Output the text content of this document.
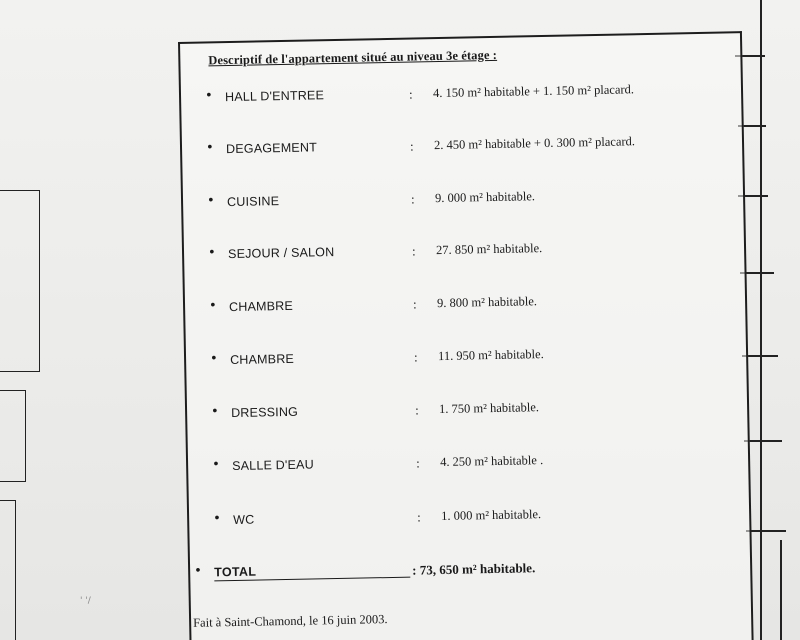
Descriptif de l'appartement situé au niveau 3e étage :
• HALL D'ENTREE	: 4. 150 m² habitable + 1. 150 m² placard.
• DEGAGEMENT	: 2. 450 m² habitable + 0. 300 m² placard.
• CUISINE	: 9. 000 m² habitable.
• SEJOUR / SALON	: 27. 850 m² habitable.
• CHAMBRE	: 9. 800 m² habitable.
• CHAMBRE	: 11. 950 m² habitable.
• DRESSING	: 1. 750 m² habitable.
• SALLE D'EAU	: 4. 250 m² habitable .
• WC	: 1. 000 m² habitable.
• TOTAL	: 73, 650 m² habitable.
Fait à Saint-Chamond, le 16 juin 2003.
' '/
